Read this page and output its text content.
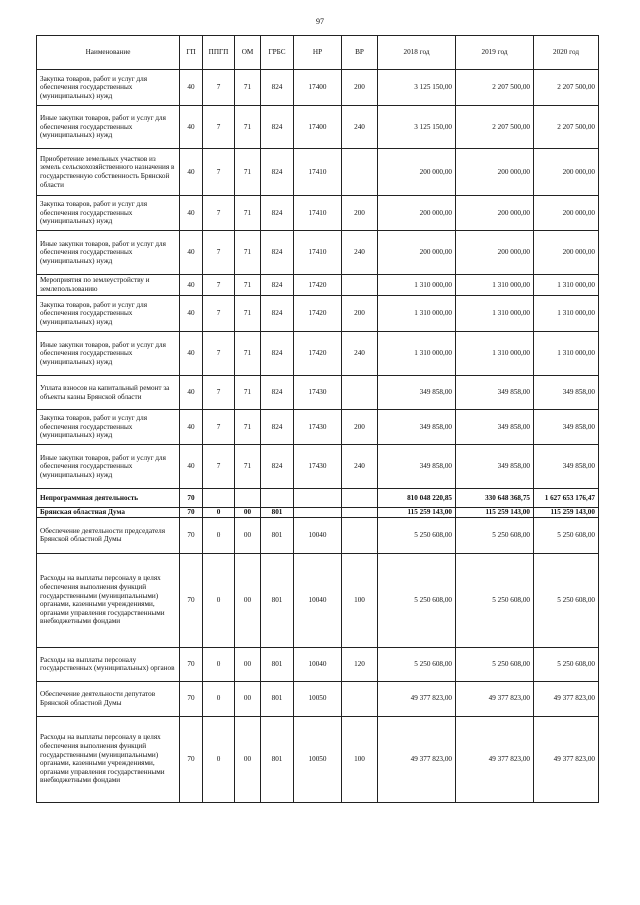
97
Наименование	ГП	ППГП	ОМ	ГРБС	НР	ВР	2018 год	2019 год	2020 год
Закупка товаров, работ и услуг для обеспечения государственных (муниципальных) нужд	40	7	71	824	17400	200	3 125 150,00	2 207 500,00	2 207 500,00
Иные закупки товаров, работ и услуг для обеспечения государственных (муниципальных) нужд	40	7	71	824	17400	240	3 125 150,00	2 207 500,00	2 207 500,00
Приобретение земельных участков из земель сельскохозяйственного назначения в государственную собственность Брянской области	40	7	71	824	17410		200 000,00	200 000,00	200 000,00
Закупка товаров, работ и услуг для обеспечения государственных (муниципальных) нужд	40	7	71	824	17410	200	200 000,00	200 000,00	200 000,00
Иные закупки товаров, работ и услуг для обеспечения государственных (муниципальных) нужд	40	7	71	824	17410	240	200 000,00	200 000,00	200 000,00
Мероприятия по землеустройству и землепользованию	40	7	71	824	17420		1 310 000,00	1 310 000,00	1 310 000,00
Закупка товаров, работ и услуг для обеспечения государственных (муниципальных) нужд	40	7	71	824	17420	200	1 310 000,00	1 310 000,00	1 310 000,00
Иные закупки товаров, работ и услуг для обеспечения государственных (муниципальных) нужд	40	7	71	824	17420	240	1 310 000,00	1 310 000,00	1 310 000,00
Уплата взносов на капитальный ремонт за объекты казны Брянской области	40	7	71	824	17430		349 858,00	349 858,00	349 858,00
Закупка товаров, работ и услуг для обеспечения государственных (муниципальных) нужд	40	7	71	824	17430	200	349 858,00	349 858,00	349 858,00
Иные закупки товаров, работ и услуг для обеспечения государственных (муниципальных) нужд	40	7	71	824	17430	240	349 858,00	349 858,00	349 858,00
Непрограммная деятельность	70						810 048 220,85	330 648 368,75	1 627 653 176,47
Брянская областная Дума	70	0	00	801			115 259 143,00	115 259 143,00	115 259 143,00
Обеспечение деятельности председателя Брянской областной Думы	70	0	00	801	10040		5 250 608,00	5 250 608,00	5 250 608,00
Расходы на выплаты персоналу в целях обеспечения выполнения функций государственными (муниципальными) органами, казенными учреждениями, органами управления государственными внебюджетными фондами	70	0	00	801	10040	100	5 250 608,00	5 250 608,00	5 250 608,00
Расходы на выплаты персоналу государственных (муниципальных) органов	70	0	00	801	10040	120	5 250 608,00	5 250 608,00	5 250 608,00
Обеспечение деятельности депутатов Брянской областной Думы	70	0	00	801	10050		49 377 823,00	49 377 823,00	49 377 823,00
Расходы на выплаты персоналу в целях обеспечения выполнения функций государственными (муниципальными) органами, казенными учреждениями, органами управления государственными внебюджетными фондами	70	0	00	801	10050	100	49 377 823,00	49 377 823,00	49 377 823,00
